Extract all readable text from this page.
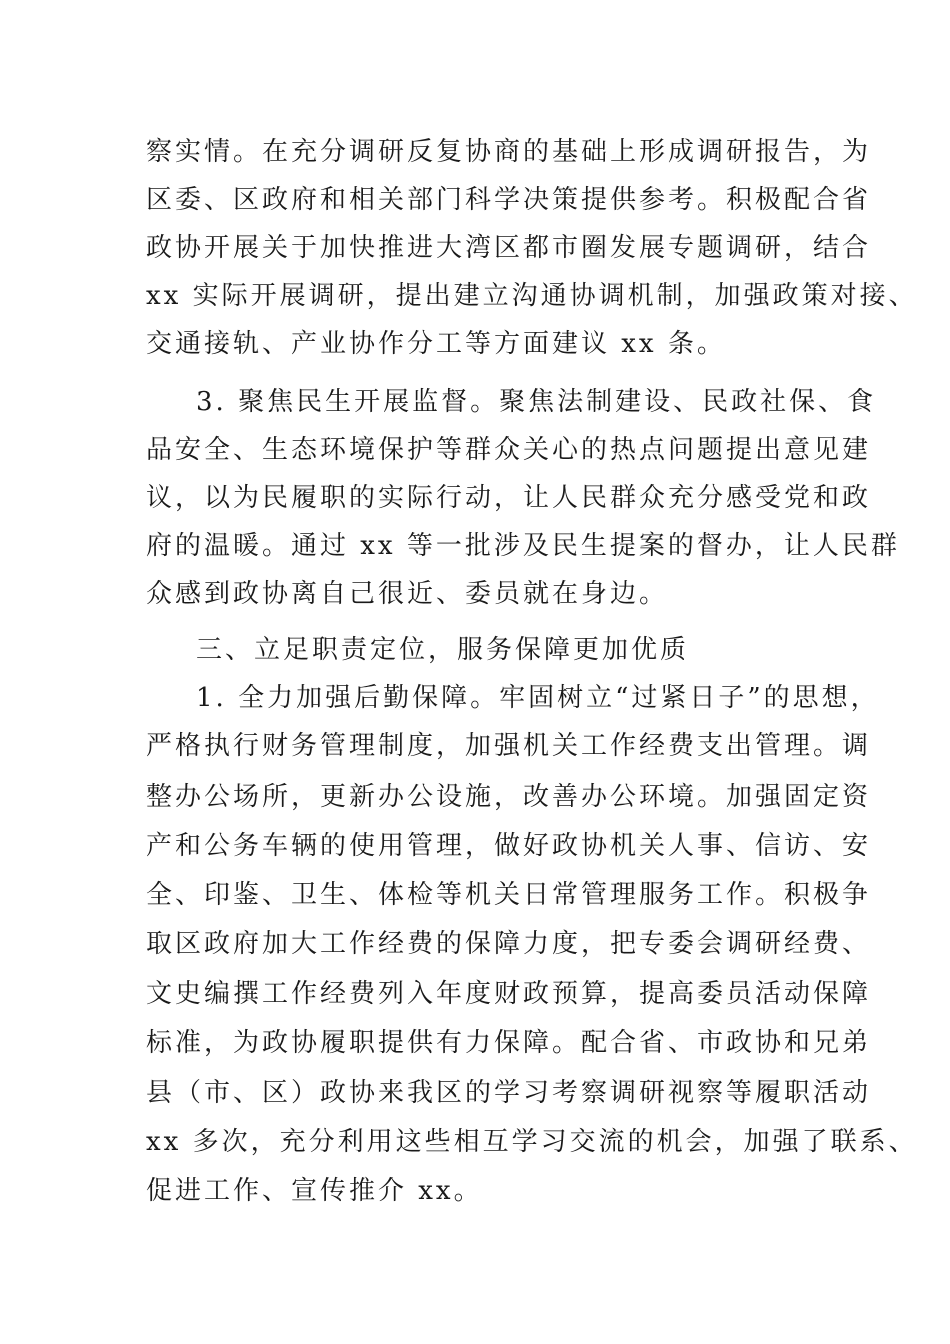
察实情。在充分调研反复协商的基础上形成调研报告，为
区委、区政府和相关部门科学决策提供参考。积极配合省
政协开展关于加快推进大湾区都市圈发展专题调研，结合
xx 实际开展调研，提出建立沟通协调机制，加强政策对接、
交通接轨、产业协作分工等方面建议 xx 条。
3. 聚焦民生开展监督。聚焦法制建设、民政社保、食
品安全、生态环境保护等群众关心的热点问题提出意见建
议，以为民履职的实际行动，让人民群众充分感受党和政
府的温暖。通过 xx 等一批涉及民生提案的督办，让人民群
众感到政协离自己很近、委员就在身边。
三、立足职责定位，服务保障更加优质
1. 全力加强后勤保障。牢固树立“过紧日子”的思想，
严格执行财务管理制度，加强机关工作经费支出管理。调
整办公场所，更新办公设施，改善办公环境。加强固定资
产和公务车辆的使用管理，做好政协机关人事、信访、安
全、印鉴、卫生、体检等机关日常管理服务工作。积极争
取区政府加大工作经费的保障力度，把专委会调研经费、
文史编撰工作经费列入年度财政预算，提高委员活动保障
标准，为政协履职提供有力保障。配合省、市政协和兄弟
县（市、区）政协来我区的学习考察调研视察等履职活动
xx 多次，充分利用这些相互学习交流的机会，加强了联系、
促进工作、宣传推介 xx。
